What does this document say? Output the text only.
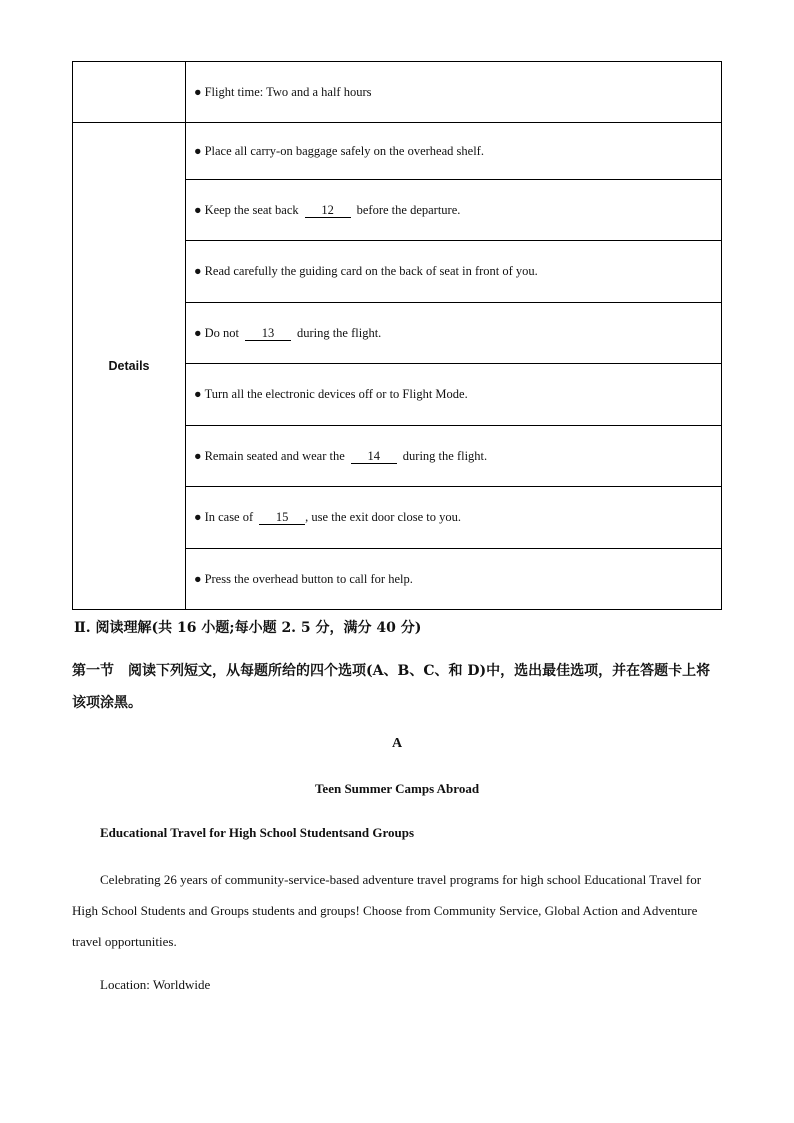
	● Flight time: Two and a half hours
Details	● Place all carry-on baggage safely on the overhead shelf.
	● Keep the seat back 12 before the departure.
	● Read carefully the guiding card on the back of seat in front of you.
	● Do not 13 during the flight.
	● Turn all the electronic devices off or to Flight Mode.
	● Remain seated and wear the 14 during the flight.
	● In case of 15 , use the exit door close to you.
	● Press the overhead button to call for help.
Ⅱ. 阅读理解(共 16 小题;每小题 2. 5 分，满分 40 分)
第一节　阅读下列短文，从每题所给的四个选项(A、B、C、和 D)中，选出最佳选项，并在答题卡上将该项涂黑。
A
Teen Summer Camps Abroad
Educational Travel for High School Studentsand Groups

Celebrating 26 years of community-service-based adventure travel programs for high school Educational Travel for High School Students and Groups students and groups! Choose from Community Service, Global Action and Adventure travel opportunities.

Location: Worldwide
